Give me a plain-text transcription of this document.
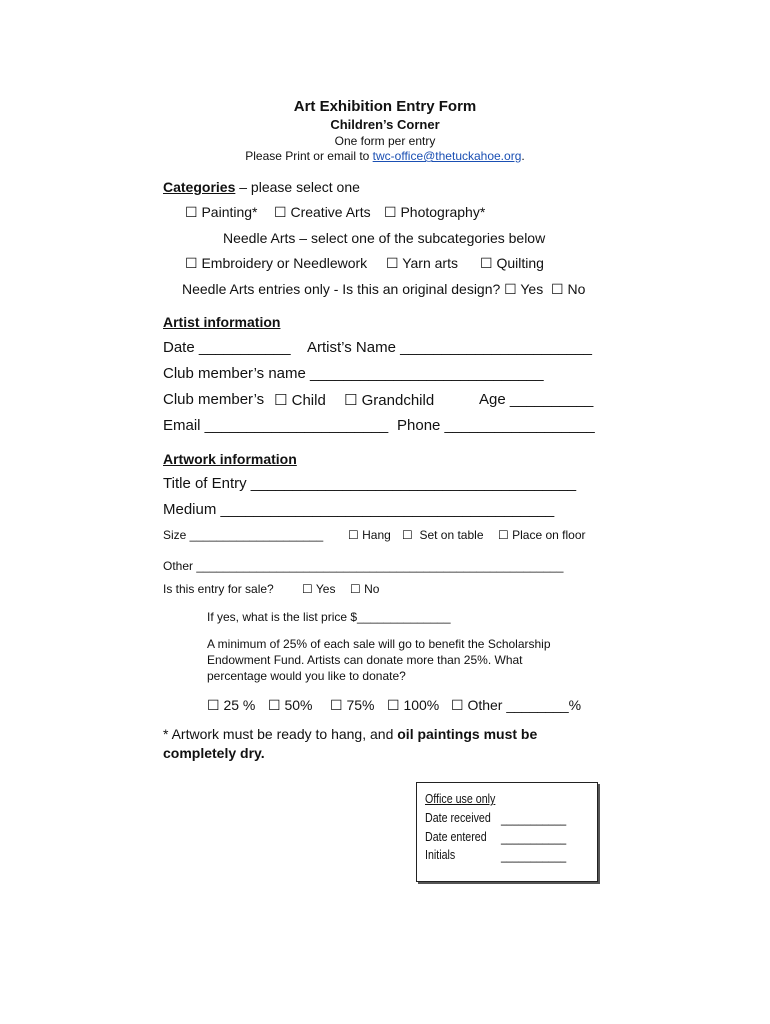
Art Exhibition Entry Form
Children’s Corner
One form per entry
Please Print or email to twc-office@thetuckahoe.org.
Categories – please select one
☐ Painting* ☐ Creative Arts ☐ Photography*
Needle Arts – select one of the subcategories below
☐ Embroidery or Needlework ☐ Yarn arts ☐ Quilting
Needle Arts entries only - Is this an original design? ☐ Yes ☐ No
Artist information
Date ___________ Artist’s Name _______________________
Club member’s name ____________________________
Club member’s ☐ Child ☐ Grandchild	Age __________
Email ______________________ Phone __________________
Artwork information
Title of Entry _______________________________________
Medium ________________________________________
Size ____________________ ☐ Hang ☐ Set on table ☐ Place on floor
Other _______________________________________________________
Is this entry for sale? ☐ Yes ☐ No
If yes, what is the list price $______________
A minimum of 25% of each sale will go to benefit the Scholarship
Endowment Fund. Artists can donate more than 25%. What
percentage would you like to donate?
☐ 25 % ☐ 50% ☐ 75% ☐ 100% ☐ Other ________%
* Artwork must be ready to hang, and oil paintings must be
completely dry.
Office use only
Date received
Date entered
Initials
___________
___________
___________
